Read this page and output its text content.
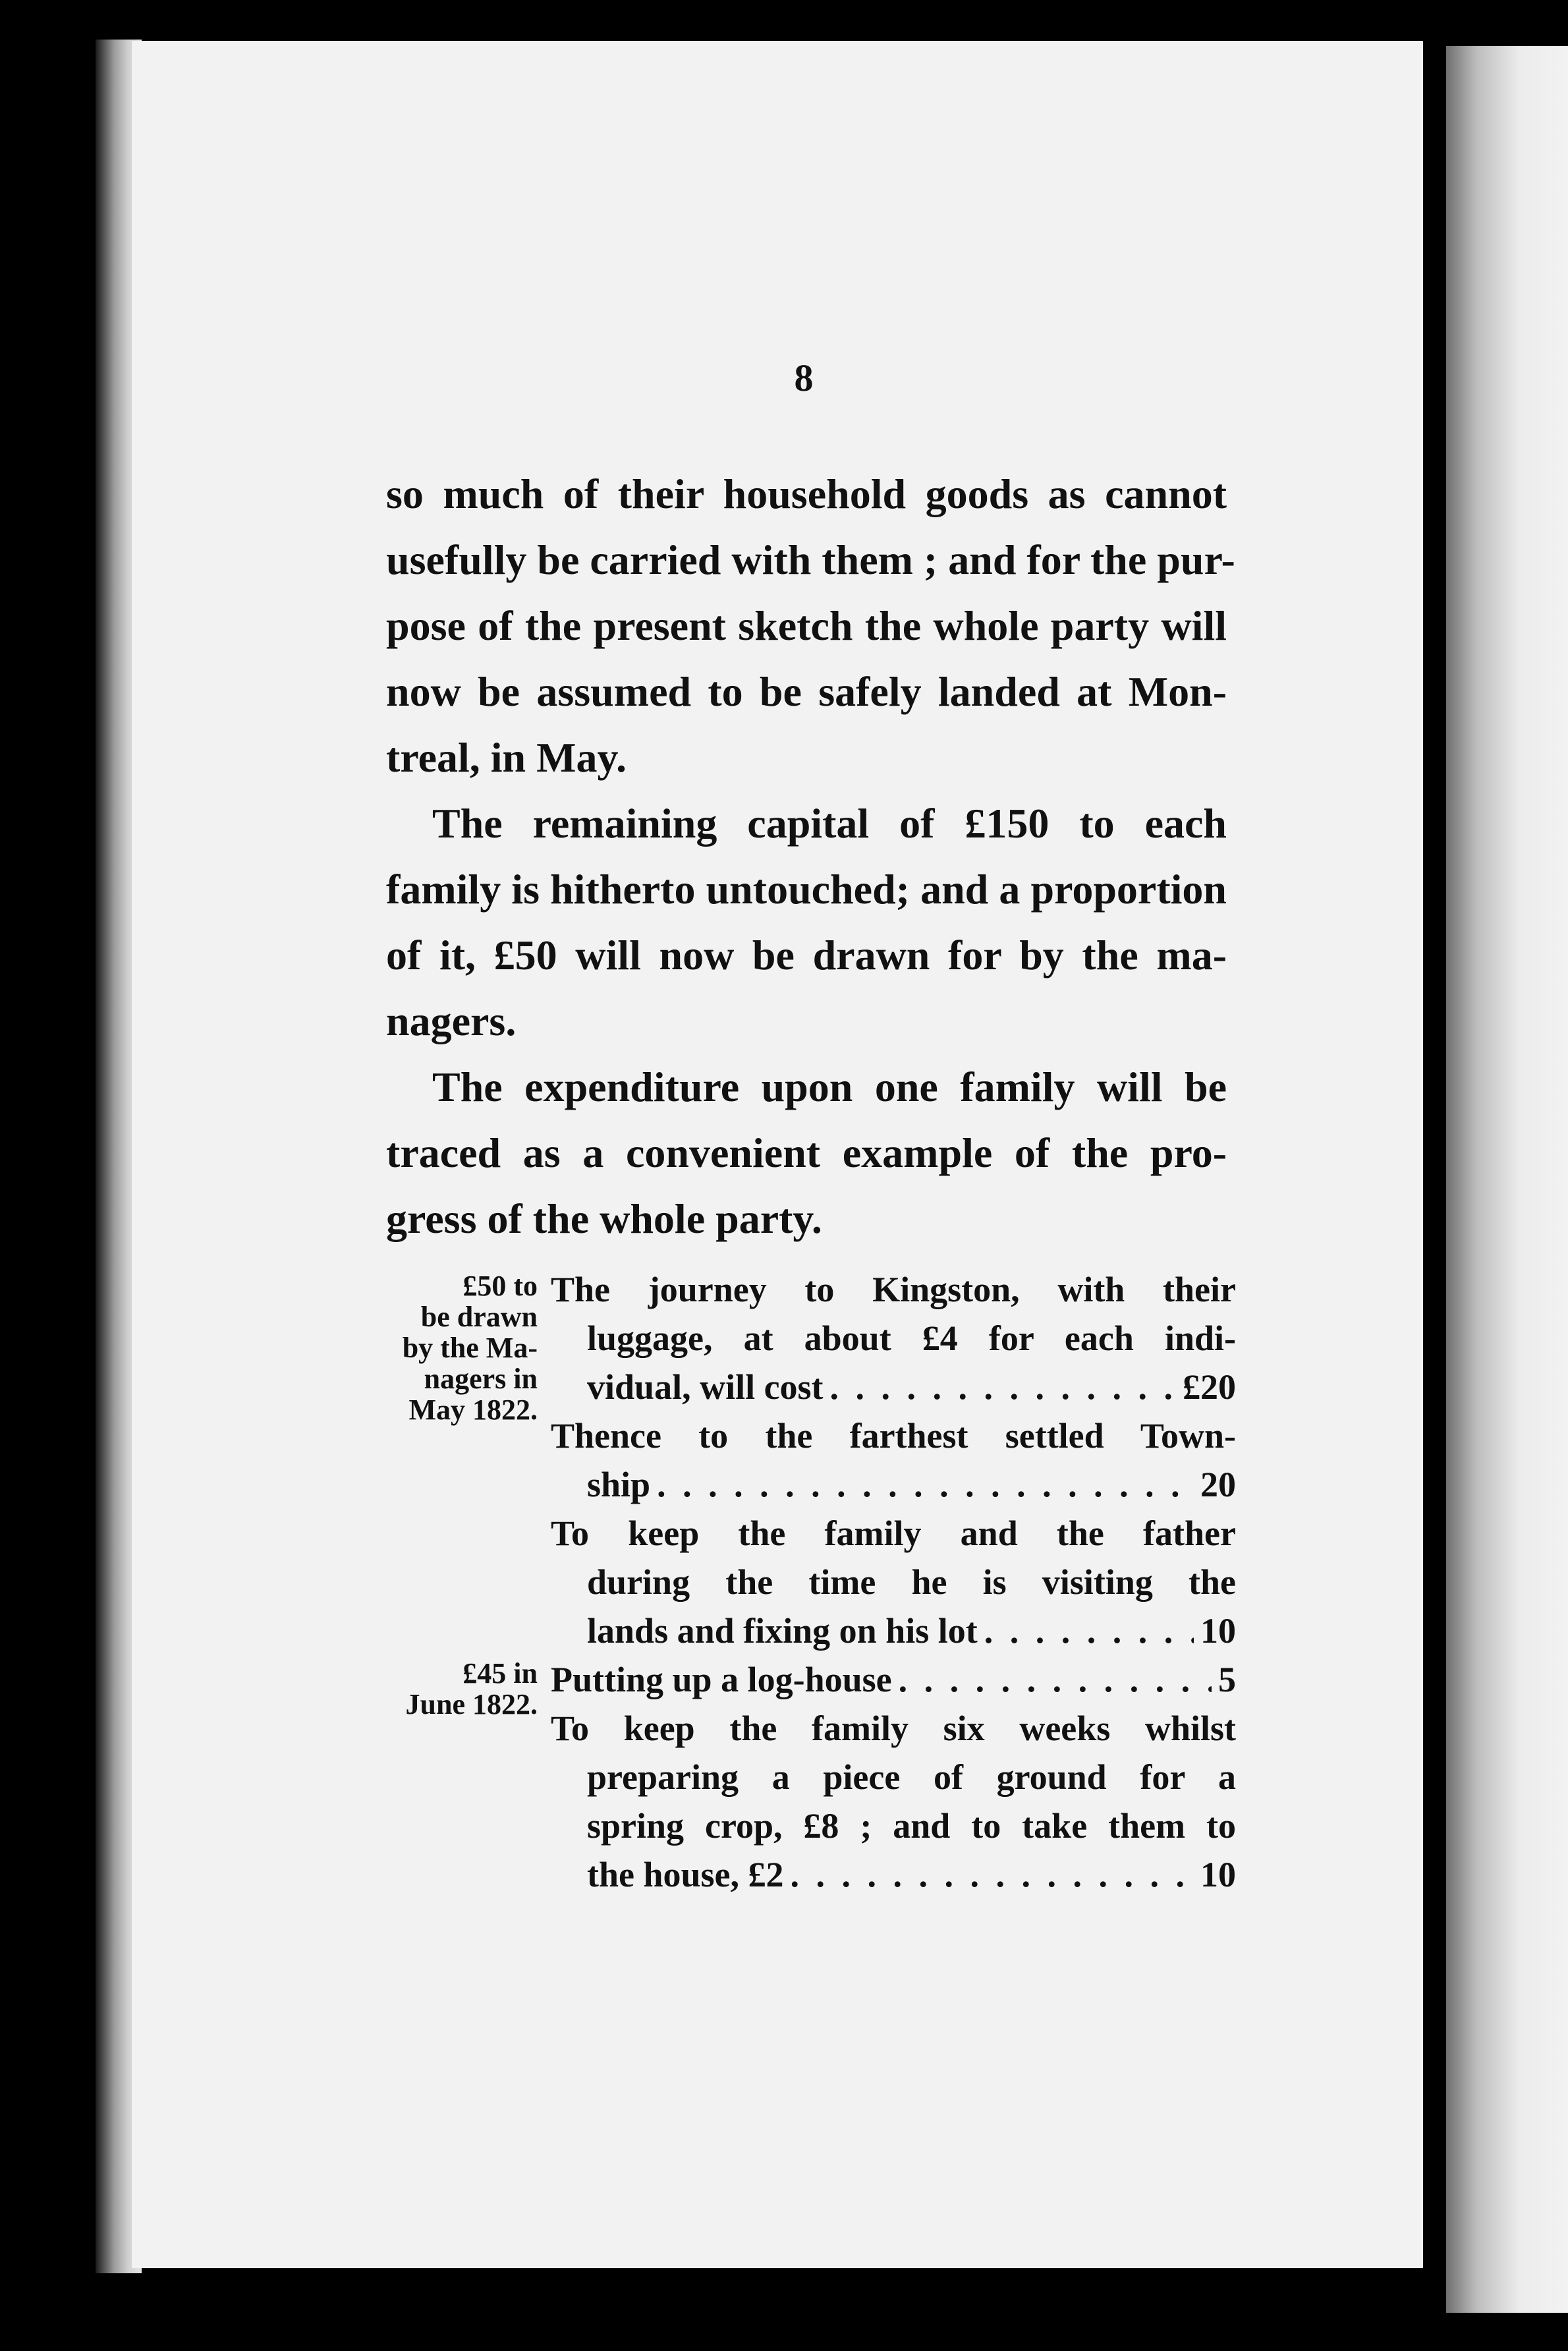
8
so much of their household goods as cannot
usefully be carried with them ; and for the pur-
pose of the present sketch the whole party will
now be assumed to be safely landed at Mon-
treal, in May.
The remaining capital of £150 to each
family is hitherto untouched; and a proportion
of it, £50 will now be drawn for by the ma-
nagers.
The expenditure upon one family will be
traced as a convenient example of the pro-
gress of the whole party.
£50 to
be drawn
by the Ma-
nagers in
May 1822.
The journey to Kingston, with their
luggage, at about £4 for each indi-
vidual, will cost . . .	£20
Thence to the farthest settled Town-
ship . . .	20
To keep the family and the father
during the time he is visiting the
lands and fixing on his lot . . .	10
£45 in
June 1822.
Putting up a log-house . . .	5
To keep the family six weeks whilst
preparing a piece of ground for a
spring crop, £8 ; and to take them to
the house, £2 . . .	10
